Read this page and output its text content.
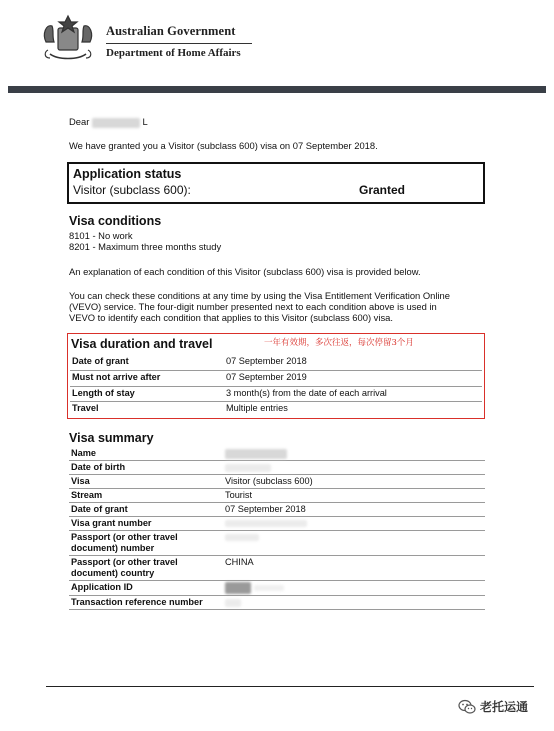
Australian Government
Department of Home Affairs
Dear	L
We have granted you a Visitor (subclass 600) visa on 07 September 2018.
Application status
Visitor (subclass 600):	Granted
Visa conditions
8101 - No work
8201 - Maximum three months study
An explanation of each condition of this Visitor (subclass 600) visa is provided below.
You can check these conditions at any time by using the Visa Entitlement Verification Online
(VEVO) service. The four-digit number presented next to each condition above is used in
VEVO to identify each condition that applies to this Visitor (subclass 600) visa.
Visa duration and travel	一年有效期，多次往返，每次停留3个月
Date of grant	07 September 2018
Must not arrive after	07 September 2019
Length of stay	3 month(s) from the date of each arrival
Travel	Multiple entries
Visa summary
Name	
Date of birth	
Visa	Visitor (subclass 600)
Stream	Tourist
Date of grant	07 September 2018
Visa grant number	
Passport (or other travel document) number	
Passport (or other travel document) country	CHINA
Application ID	
Transaction reference number	
老托运通
